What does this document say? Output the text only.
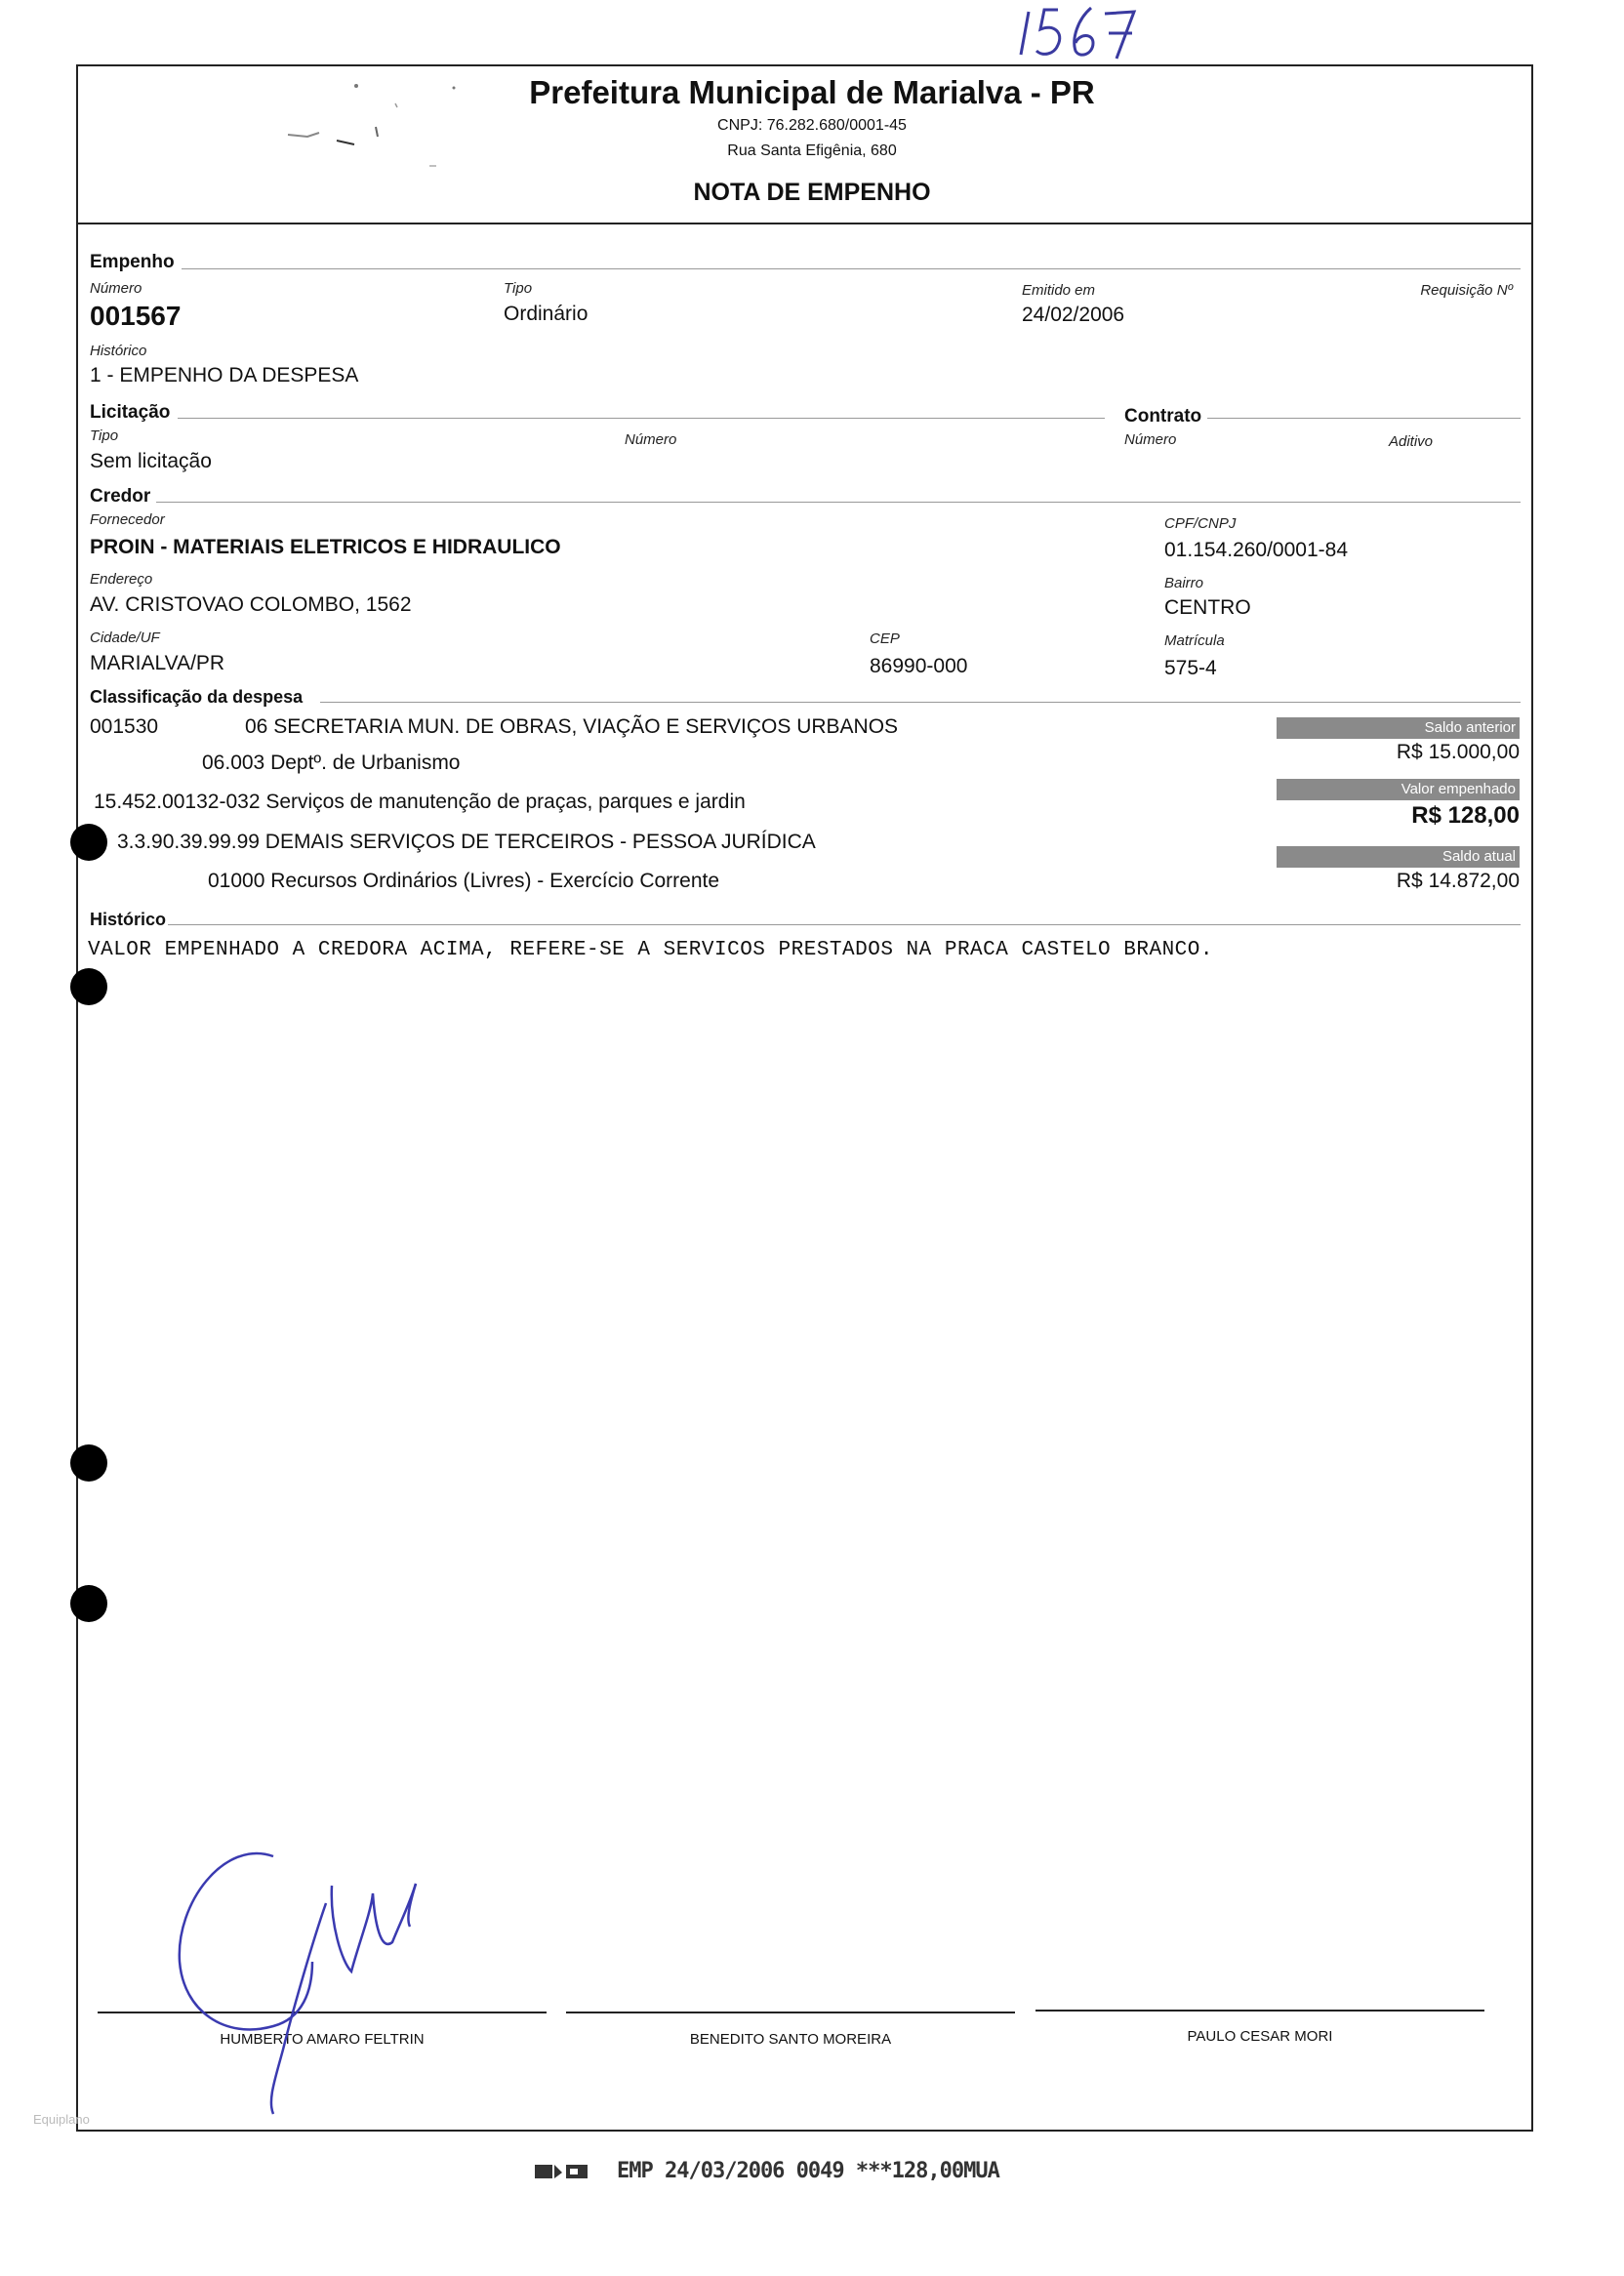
Prefeitura Municipal de Marialva - PR
CNPJ: 76.282.680/0001-45
Rua Santa Efigênia, 680
NOTA DE EMPENHO
Empenho
Número
001567
Tipo
Ordinário
Emitido em
24/02/2006
Requisição Nº
Histórico
1 - EMPENHO DA DESPESA
Licitação	Contrato
Tipo
Sem licitação
Número	Número	Aditivo
Credor
Fornecedor
PROIN - MATERIAIS ELETRICOS E HIDRAULICO
CPF/CNPJ
01.154.260/0001-84
Endereço
AV. CRISTOVAO COLOMBO, 1562
Bairro
CENTRO
Cidade/UF
MARIALVA/PR
CEP
86990-000
Matrícula
575-4
Classificação da despesa
001530	06 SECRETARIA MUN. DE OBRAS, VIAÇÃO E SERVIÇOS URBANOS
06.003 Deptº. de Urbanismo
15.452.00132-032 Serviços de manutenção de praças, parques e jardin
3.3.90.39.99.99 DEMAIS SERVIÇOS DE TERCEIROS - PESSOA JURÍDICA
01000 Recursos Ordinários (Livres) - Exercício Corrente
Saldo anterior
R$ 15.000,00
Valor empenhado
R$ 128,00
Saldo atual
R$ 14.872,00
Histórico
VALOR EMPENHADO A CREDORA ACIMA, REFERE-SE A SERVICOS PRESTADOS NA PRACA CASTELO BRANCO.
HUMBERTO AMARO FELTRIN	BENEDITO SANTO MOREIRA	PAULO CESAR MORI
Equiplano
EMP 24/03/2006 0049 ***128,00MUA
